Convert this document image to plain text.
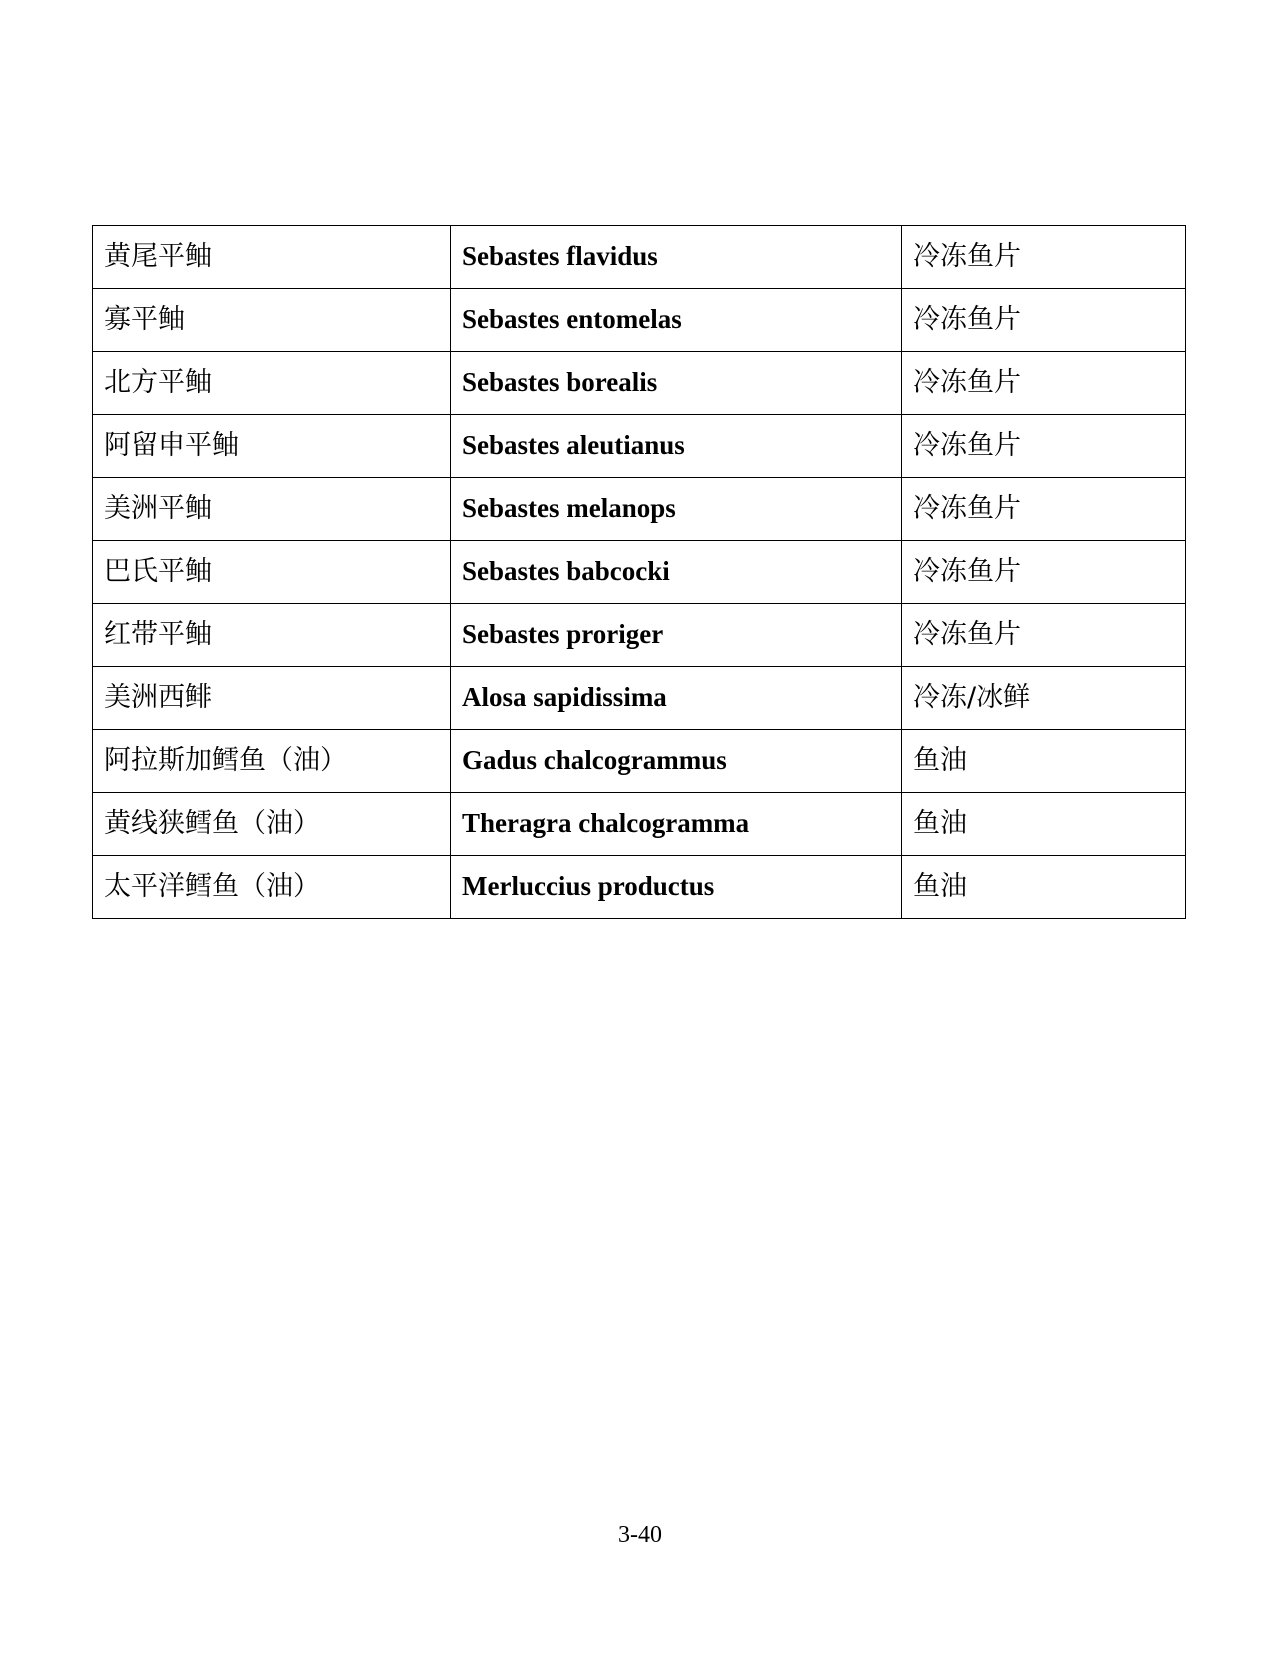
黄尾平鲉	Sebastes flavidus	冷冻鱼片
寡平鲉	Sebastes entomelas	冷冻鱼片
北方平鲉	Sebastes borealis	冷冻鱼片
阿留申平鲉	Sebastes aleutianus	冷冻鱼片
美洲平鲉	Sebastes melanops	冷冻鱼片
巴氏平鲉	Sebastes babcocki	冷冻鱼片
红带平鲉	Sebastes proriger	冷冻鱼片
美洲西鲱	Alosa sapidissima	冷冻/冰鲜
阿拉斯加鳕鱼（油）	Gadus chalcogrammus	鱼油
黄线狭鳕鱼（油）	Theragra chalcogramma	鱼油
太平洋鳕鱼（油）	Merluccius productus	鱼油
3-40
